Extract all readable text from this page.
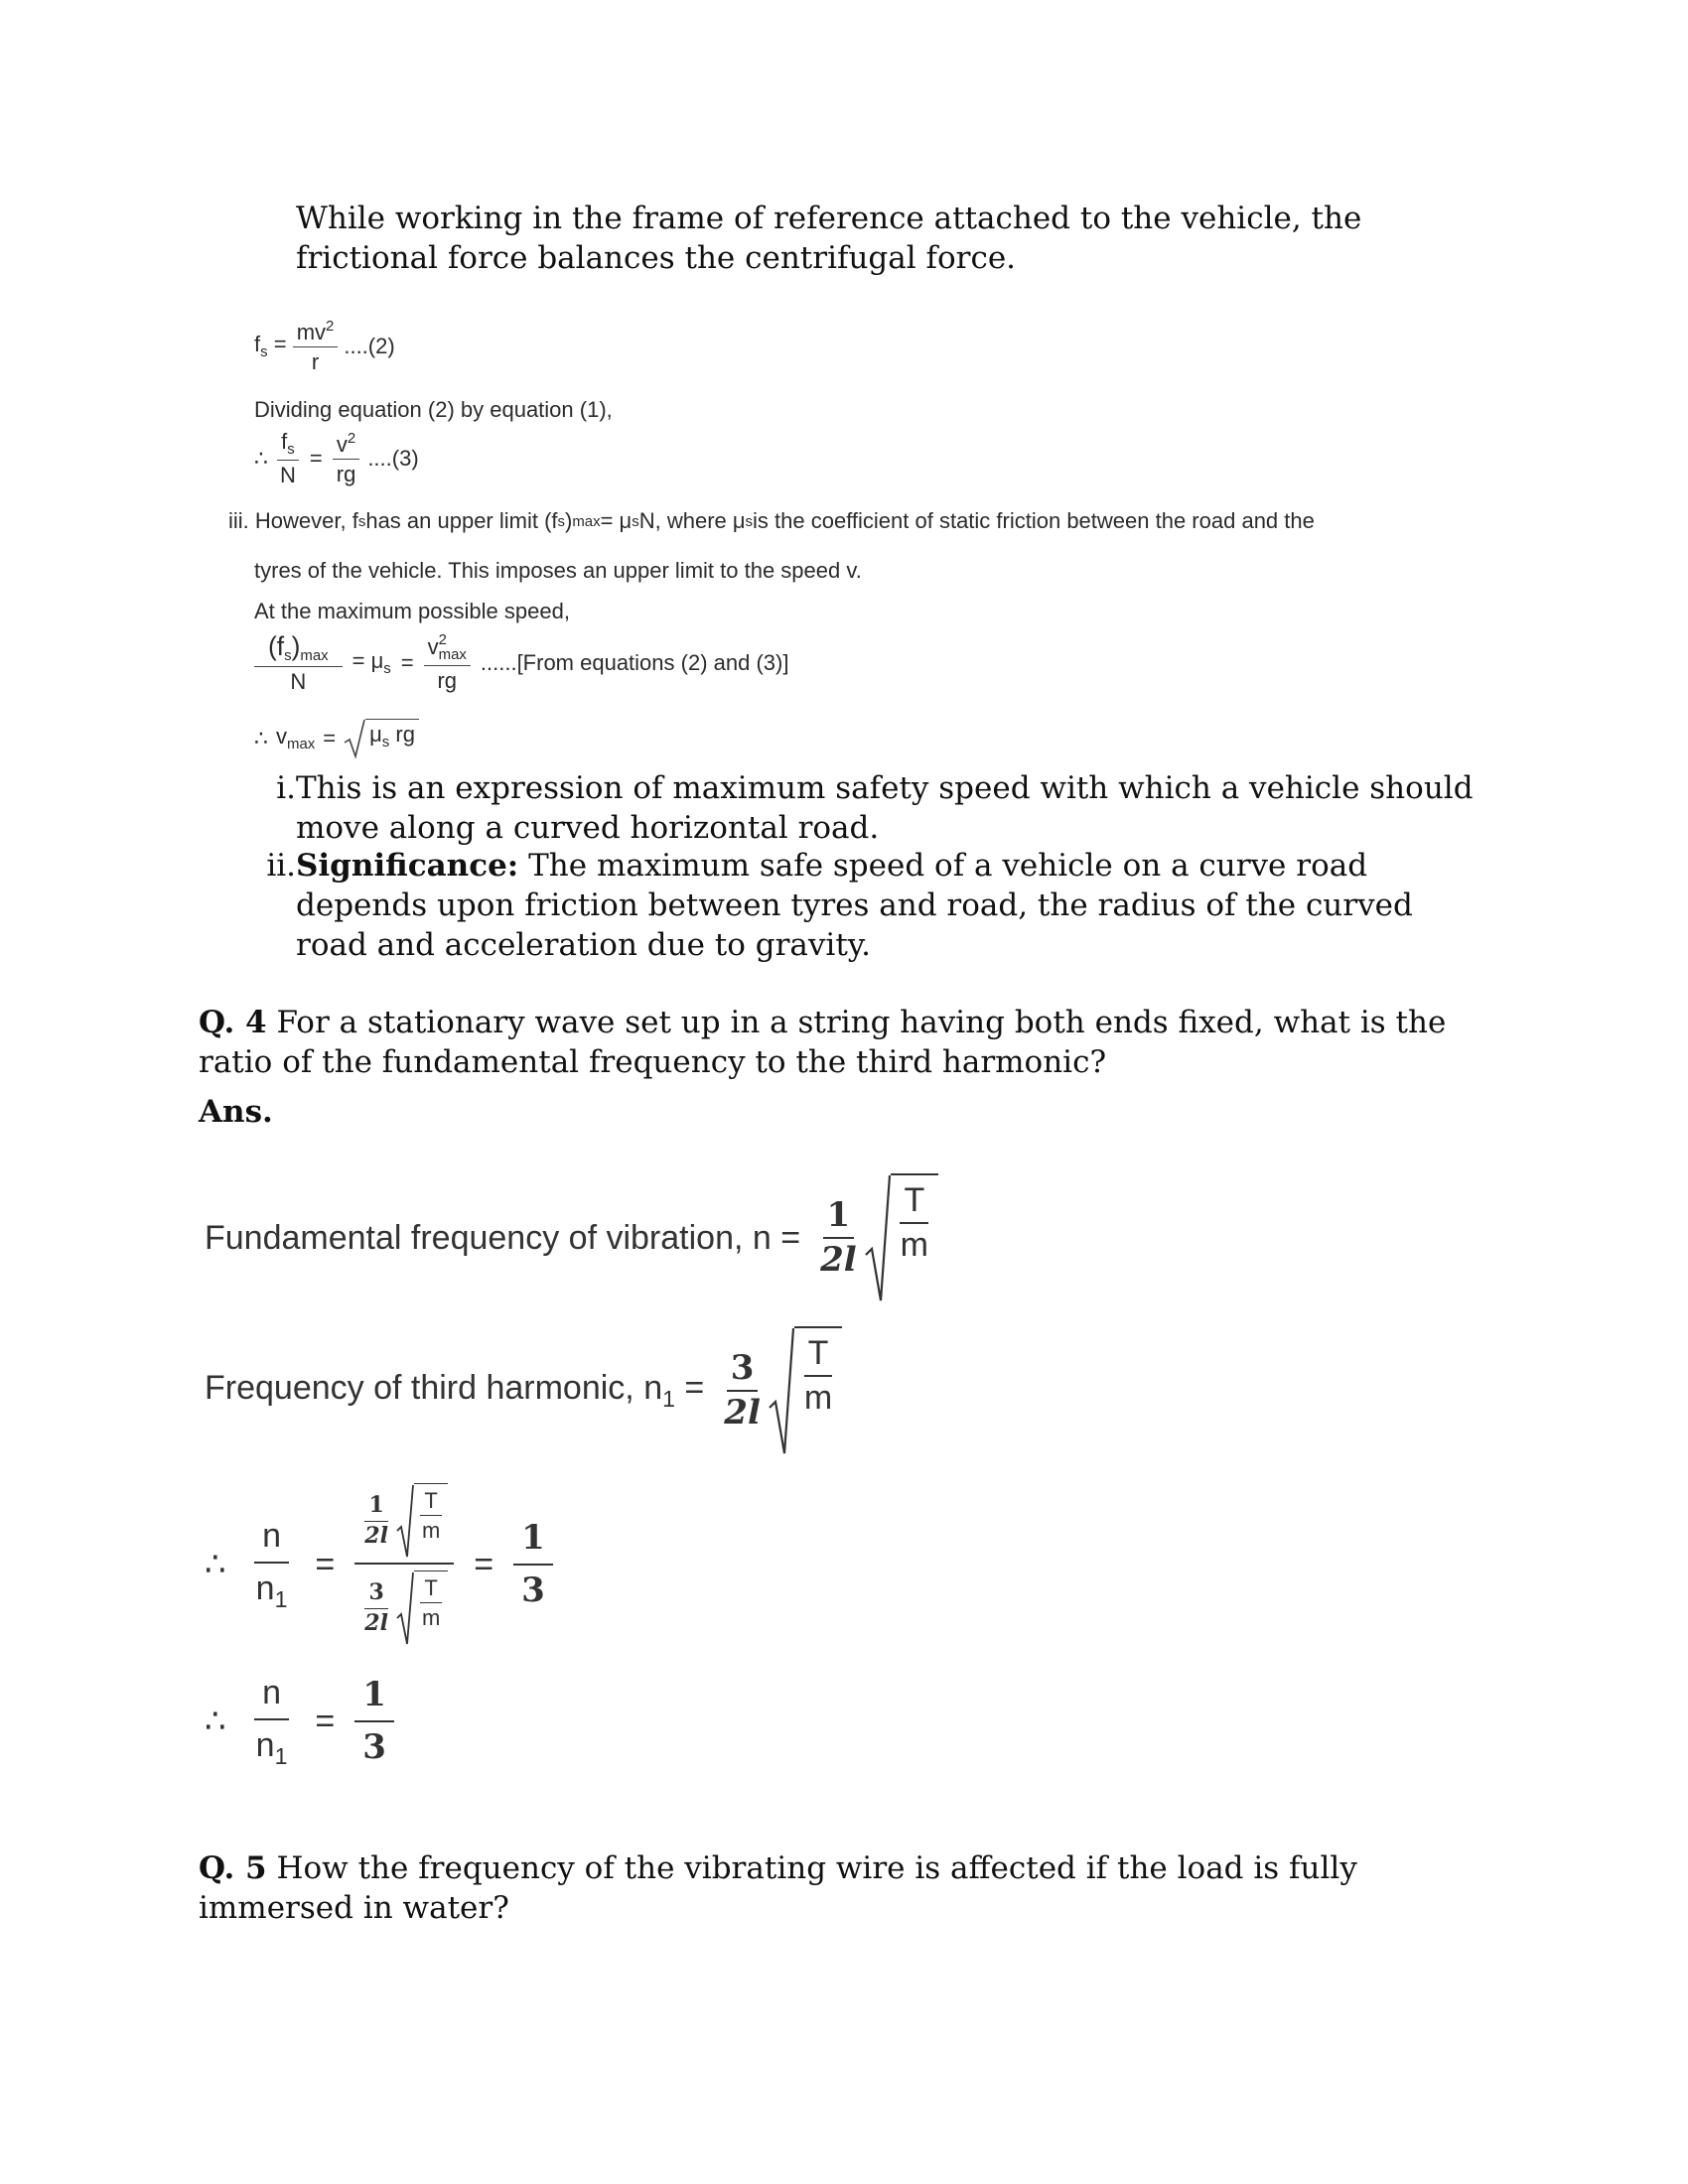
While working in the frame of reference attached to the vehicle, the frictional force balances the centrifugal force.
$f_s = \frac{mv^2}{r} ....(2)$
Dividing equation (2) by equation (1),
∴ $\frac{f_s}{N} = \frac{v^2}{rg} ....(3)$
iii.
However, f s has an upper limit (f s ) max = μ s N, where μ s is the coefficient of static friction between the road and the
tyres of the vehicle. This imposes an upper limit to the speed v.
At the maximum possible speed,
$\frac{(f_s)_{max}}{N} = \mu_s = v$ 2
max
rg ......[From equations (2) and (3)]
∴ $v_{max} = \mu_s$ rg
i. This is an expression of maximum safety speed with which a vehicle should move along a curved horizontal road.
ii. Significance: The maximum safe speed of a vehicle on a curve road depends upon friction between tyres and road, the radius of the curved road and acceleration due to gravity.
Q. 4 For a stationary wave set up in a string having both ends fixed, what is the ratio of the fundamental frequency to the third harmonic?
Ans.
Fundamental frequency of vibration, $n = \frac{1}{2l} \frac{T}{m}$
Frequency of third harmonic, $n_1 = \frac{3}{2l} \frac{T}{m}$
∴ $\frac{n}{n_1} = \frac{\frac{1}{2l} \frac{T}{m}}{\frac{3}{2l} \frac{T}{m}} = \frac{1}{3}$
∴ $\frac{n}{n_1} = \frac{1}{3}$
Q. 5 How the frequency of the vibrating wire is affected if the load is fully immersed in water?
